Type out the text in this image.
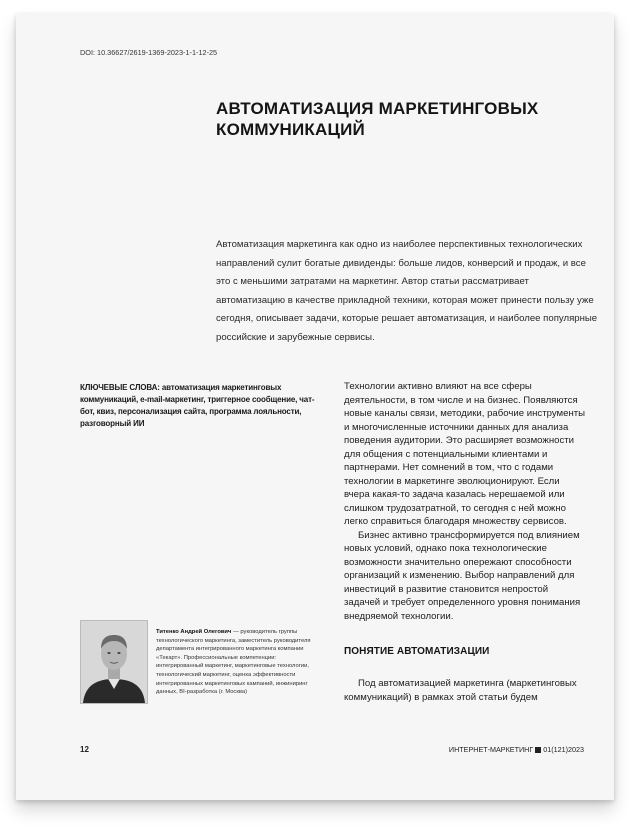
DOI: 10.36627/2619-1369-2023-1-1-12-25
АВТОМАТИЗАЦИЯ МАРКЕТИНГОВЫХ КОММУНИКАЦИЙ
Автоматизация маркетинга как одно из наиболее перспективных технологических направлений сулит богатые дивиденды: больше лидов, конверсий и продаж, и все это с меньшими затратами на маркетинг. Автор статьи рассматривает автоматизацию в качестве прикладной техники, которая может принести пользу уже сегодня, описывает задачи, которые решает автоматизация, и наиболее популярные российские и зарубежные сервисы.
КЛЮЧЕВЫЕ СЛОВА: автоматизация маркетинговых коммуникаций, e-mail-маркетинг, триггерное сообщение, чат-бот, квиз, персонализация сайта, программа лояльности, разговорный ИИ

Технологии активно влияют на все сферы деятельности, в том числе и на бизнес. Появляются новые каналы связи, методики, рабочие инструменты и многочисленные источники данных для анализа поведения аудитории. Это расширяет возможности для общения с потенциальными клиентами и партнерами. Нет сомнений в том, что с годами технологии в маркетинге эволюционируют. Если вчера какая-то задача казалась нерешаемой или слишком трудозатратной, то сегодня с ней можно легко справиться благодаря множеству сервисов.

Бизнес активно трансформируется под влиянием новых условий, однако пока технологические возможности значительно опережают способности организаций к изменению. Выбор направлений для инвестиций в развитие становится непростой задачей и требует определенного уровня понимания внедряемой технологии.

Титенко Андрей Олегович — руководитель группы технологического маркетинга, заместитель руководителя департамента интегрированного маркетинга компании «Текарт». Профессиональные компетенции: интегрированный маркетинг, маркетинговые технологии, технологический маркетинг, оценка эффективности интегрированных маркетинговых кампаний, инжиниринг данных, BI-разработка (г. Москва)
ПОНЯТИЕ АВТОМАТИЗАЦИИ
Под автоматизацией маркетинга (маркетинговых коммуникаций) в рамках этой статьи будем
12	ИНТЕРНЕТ-МАРКЕТИНГ 01(121)2023
